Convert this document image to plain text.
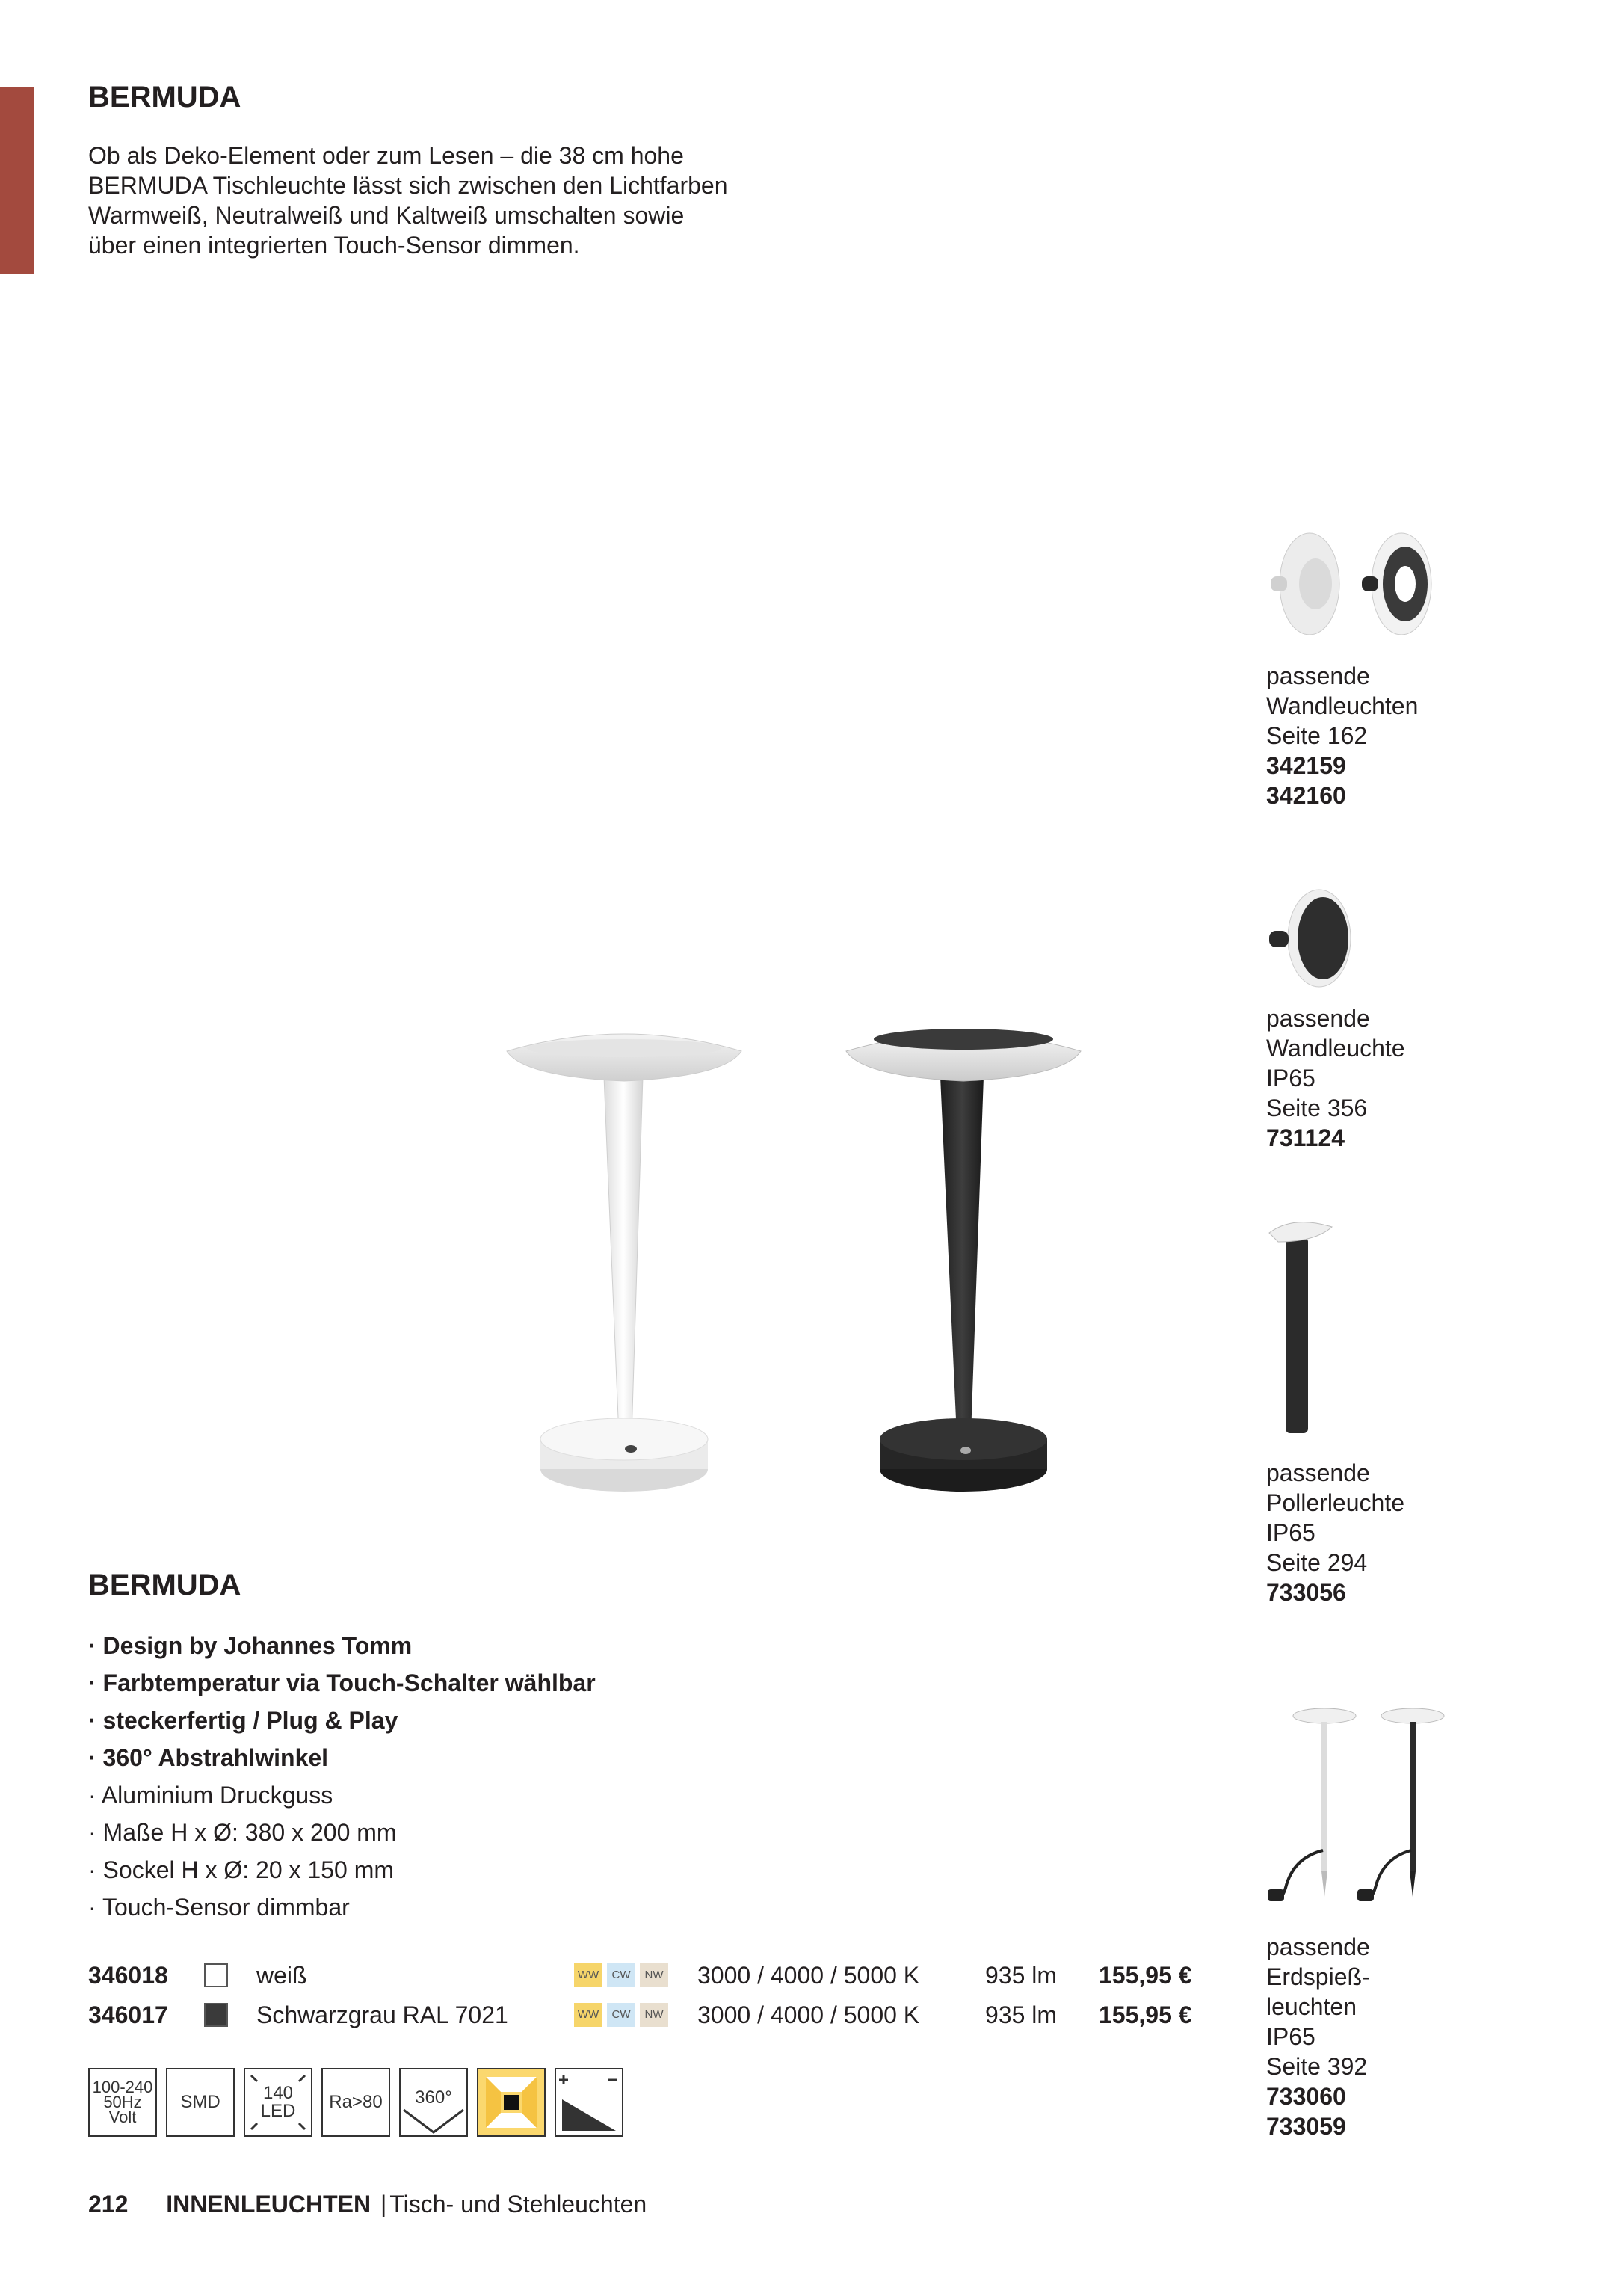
BERMUDA

Ob als Deko-Element oder zum Lesen – die 38 cm hohe
BERMUDA Tischleuchte lässt sich zwischen den Lichtfarben
Warmweiß, Neutralweiß und Kaltweiß umschalten sowie
über einen integrierten Touch-Sensor dimmen.

passende
Wandleuchten
Seite 162
342159
342160
passende
Wandleuchte
IP65
Seite 356
731124
passende
Pollerleuchte
IP65
Seite 294
733056
passende
Erdspieß-
leuchten
IP65
Seite 392
733060
733059
BERMUDA
· Design by Johannes Tomm
· Farbtemperatur via Touch-Schalter wählbar
· steckerfertig / Plug & Play
· 360° Abstrahlwinkel
· Aluminium Druckguss
· Maße H x Ø: 380 x 200 mm
· Sockel H x Ø: 20 x 150 mm
· Touch-Sensor dimmbar
346018	weiß	WW	CW	NW 3000 / 4000 / 5000 K	935 lm 155,95 €
346017	Schwarzgrau RAL 7021	WW	CW	NW 3000 / 4000 / 5000 K	935 lm 155,95 €
100-240
50Hz
Volt
SMD 140
LED Ra>80 360°
212 INNENLEUCHTEN | Tisch- und Stehleuchten
